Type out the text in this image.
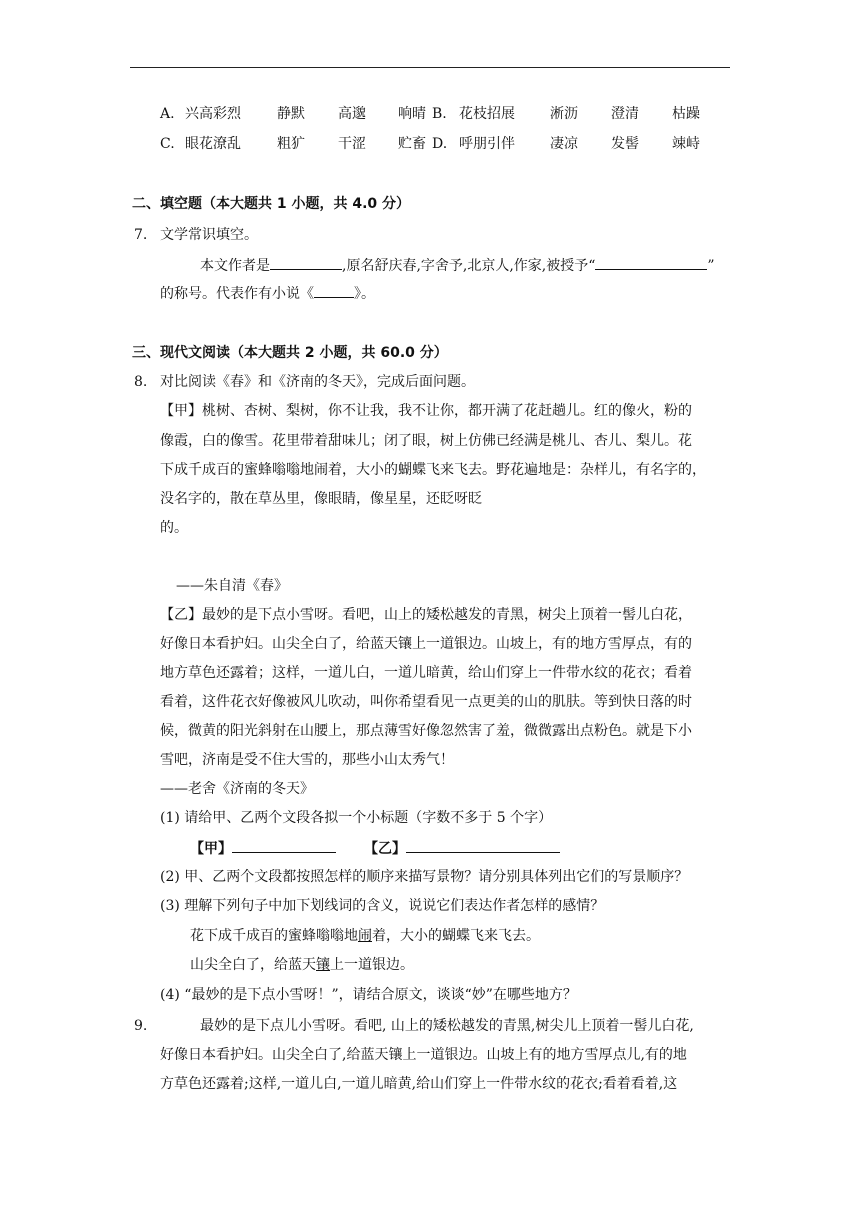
A. 兴高彩烈	静默 高邈 响晴 B. 花枝招展	淅沥 澄清 枯躁
C. 眼花潦乱	粗犷 干涩 贮畜 D. 呼朋引伴	凄凉 发髻 竦峙
二、填空题（本大题共 1 小题，共 4.0 分）
7. 文学常识填空。
本文作者是	,原名舒庆春,字舍予,北京人,作家,被授予“	”
的称号。代表作有小说《	》。
三、现代文阅读（本大题共 2 小题，共 60.0 分）
8. 对比阅读《春》和《济南的冬天》，完成后面问题。
【甲】桃树、杏树、梨树，你不让我，我不让你，都开满了花赶趟儿。红的像火，粉的
像霞，白的像雪。花里带着甜味儿；闭了眼，树上仿佛已经满是桃儿、杏儿、梨儿。花
下成千成百的蜜蜂嗡嗡地闹着，大小的蝴蝶飞来飞去。野花遍地是：杂样儿，有名字的，
没名字的，散在草丛里，像眼睛，像星星，还眨呀眨
的。
——朱自清《春》
【乙】最妙的是下点小雪呀。看吧，山上的矮松越发的青黑，树尖上顶着一髻儿白花，
好像日本看护妇。山尖全白了，给蓝天镶上一道银边。山坡上，有的地方雪厚点，有的
地方草色还露着；这样，一道儿白，一道儿暗黄，给山们穿上一件带水纹的花衣；看着
看着，这件花衣好像被风儿吹动，叫你希望看见一点更美的山的肌肤。等到快日落的时
候，微黄的阳光斜射在山腰上，那点薄雪好像忽然害了羞，微微露出点粉色。就是下小
雪吧，济南是受不住大雪的，那些小山太秀气！
——老舍《济南的冬天》
(1) 请给甲、乙两个文段各拟一个小标题（字数不多于 5 个字）
【甲】	【乙】
(2) 甲、乙两个文段都按照怎样的顺序来描写景物？请分别具体列出它们的写景顺序？
(3) 理解下列句子中加下划线词的含义，说说它们表达作者怎样的感情？
花下成千成百的蜜蜂嗡嗡地闹着，大小的蝴蝶飞来飞去。
山尖全白了，给蓝天镶上一道银边。
(4) “最妙的是下点小雪呀！”，请结合原文，谈谈“妙”在哪些地方？
9.	最妙的是下点儿小雪呀。看吧, 山上的矮松越发的青黑,树尖儿上顶着一髻儿白花,
好像日本看护妇。山尖全白了,给蓝天镶上一道银边。山坡上有的地方雪厚点儿,有的地
方草色还露着;这样,一道儿白,一道儿暗黄,给山们穿上一件带水纹的花衣;看着看着,这
